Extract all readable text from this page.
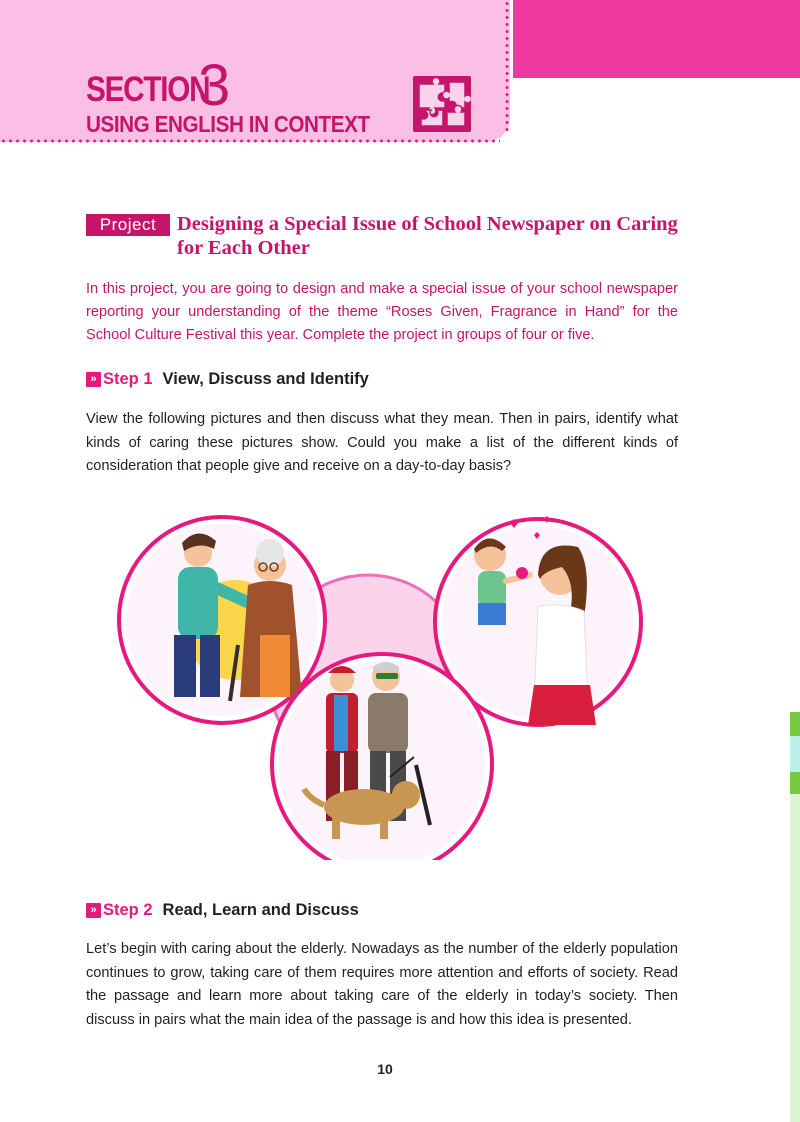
SECTION
3
USING ENGLISH IN CONTEXT
Project	Designing a Special Issue of School Newspaper on Caring for Each Other

In this project, you are going to design and make a special issue of your school newspaper reporting your understanding of the theme “Roses Given, Fragrance in Hand” for the School Culture Festival this year. Complete the project in groups of four or five.

» Step 1 View, Discuss and Identify

View the following pictures and then discuss what they mean. Then in pairs, identify what kinds of caring these pictures show. Could you make a list of the different kinds of consideration that people give and receive on a day-to-day basis?

» Step 2 Read, Learn and Discuss

Let’s begin with caring about the elderly. Nowadays as the number of the elderly population continues to grow, taking care of them requires more attention and efforts of society. Read the passage and learn more about taking care of the elderly in today’s society. Then discuss in pairs what the main idea of the passage is and how this idea is presented.

10
